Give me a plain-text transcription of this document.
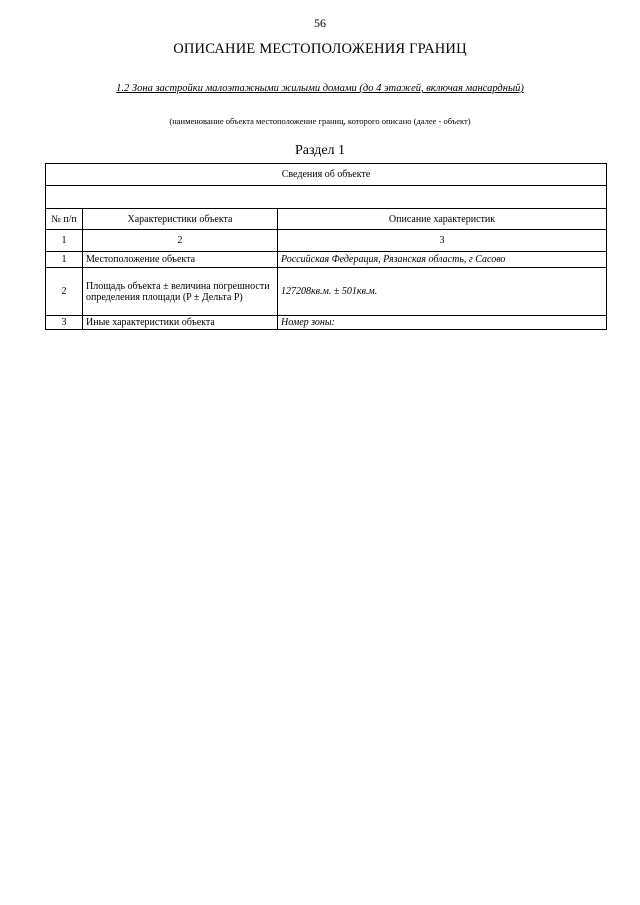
56
ОПИСАНИЕ МЕСТОПОЛОЖЕНИЯ ГРАНИЦ
1.2 Зона застройки малоэтажными жилыми домами (до 4 этажей, включая мансардный)
(наименование объекта местоположение границ, которого описано (далее - объект)
Раздел 1
Сведения об объекте		

№ п/п	Характеристики объекта	Описание характеристик
1	2	3
1	Местоположение объекта	Российская Федерация, Рязанская область, г Сасово
2	Площадь объекта ± величина погрешности определения площади (P ± Дельта P)	127208кв.м. ± 501кв.м.
3	Иные характеристики объекта	Номер зоны:
